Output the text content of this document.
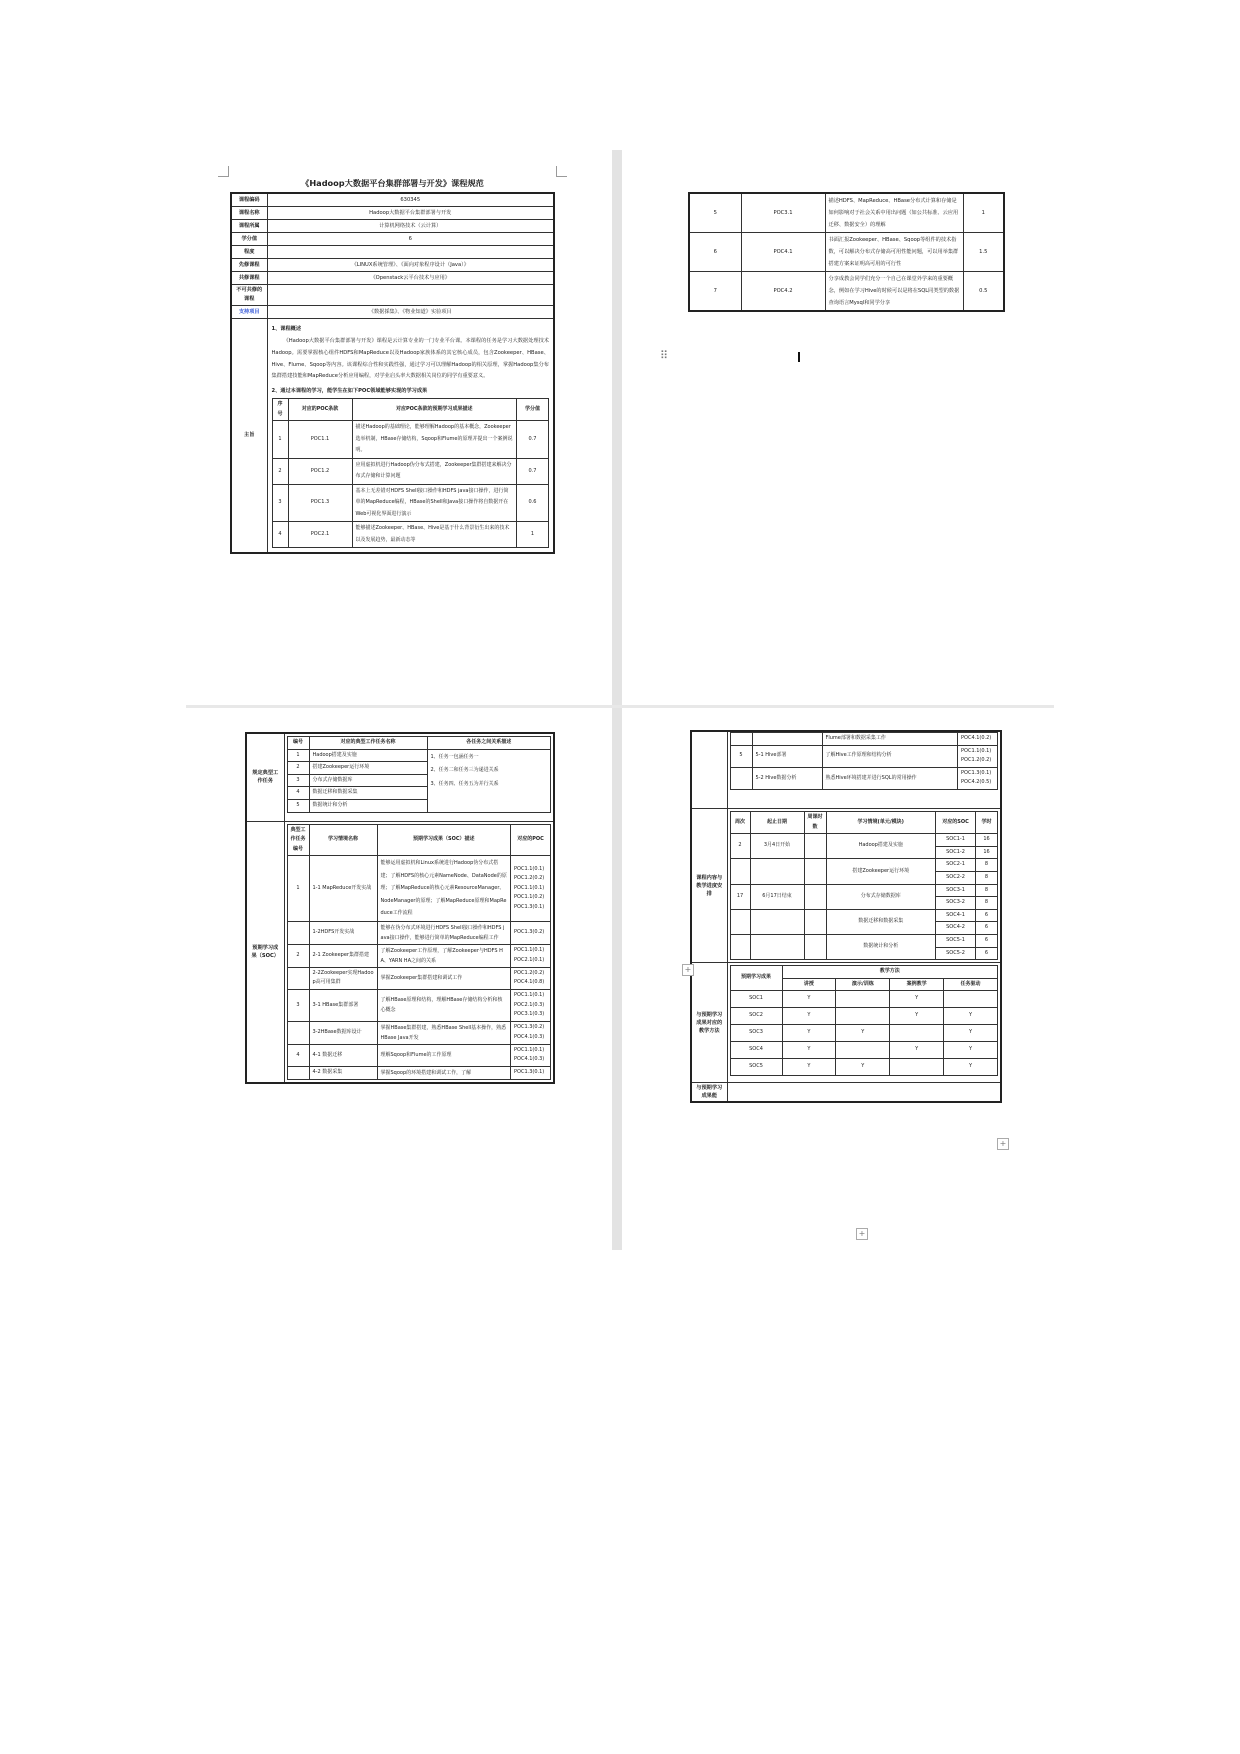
《Hadoop大数据平台集群部署与开发》课程规范
课程编码	630345
课程名称	Hadoop大数据平台集群部署与开发
课程所属	计算机网络技术（云计算）
学分值	6
程度	
先修课程	《LINUX系统管理》、《面向对象程序设计（Java）》
共修课程	《Openstack云平台技术与应用》
不可共修的课程	
支持项目	《数据採集》、《物业知道》实验项目
主旨	
1、课程概述

《Hadoop大数据平台集群部署与开发》课程是云计算专业的一门专业平台课。本课程的任务是学习大数据处理技术Hadoop。需要掌握核心组件HDFS和MapReduce以及Hadoop家族体系的其它核心成员，包含Zookeeper、HBase、Hive、Flume、Sqoop等内容。该课程综合性和实践性强，通过学习可以理解Hadoop的相关原理，掌握Hadoop集分布集群搭建技能和MapReduce分析应用编程，对学业启头率大数据相关岗位的同学有重要意义。

2、通过本课程的学习，能学生在如下POC领域能够实现的学习成果
序号	对应的POC条款	对应POC条款的预期学习成果描述	学分值
1	POC1.1	描述Hadoop的基础理论，能够理解Hadoop的基本概念，Zookeeper选举机制，HBase存储结构，Sqoop和Flume的原理并提出一个案例说明。	0.7
2	POC1.2	应用虚拟机进行Hadoop伪分布式搭建，Zookeeper集群搭建来解决分布式存储和计算问题	0.7
3	POC1.3	基本上无差错对HDFS Shell接口操作和HDFS java接口操作，进行简单的MapReduce编程，HBase的Shell和Java接口操作将自数据开在Web可视化界面进行演示	0.6
4	POC2.1	能够描述Zookeeper、HBase、Hive是基于什么背景衍生出来的技术以及发展趋势，最新动态等	1
5	POC3.1	描述HDFS、MapReduce、HBase分布式计算和存储是如何影响对于社会关系中用出问题（如公共标准、云应用迁移、数据安全）的理解	1
6	POC4.1	书面汇报Zookeeper、HBase、Sqoop等组件的技术指数，可以解决分布式存储高可用性能问题，可以用举集群搭建方案来证明高可用的可行性	1.5
7	POC4.2	分享成教会同学们充分一个自己在课堂外学来的重要概念，例如在学习Hive的时候可以是将在SQL同类型的数据查询语言Mysql和同学分享	0.5
⠿
规定典型工作任务	
编号	对应的典型工作任务名称	各任务之间关系描述
1	Hadoop搭建及实施	1、任务一包涵任务一
2、任务二和任务三为递进关系
3、任务四、任务五为并行关系

2	搭建Zookeeper运行环境
3	分布式存储数据库
4	数据迁移和数据采集
5	数据统计和分析

预期学习成果（SOC）	
典型工作任务编号	学习情境名称	预期学习成果（SOC）描述	对应的POC
1	1-1 MapReduce开发实战	能够运用虚拟机和Linux系统进行Hadoop伪分布式搭建；了解HDFS的核心元素NameNode、DataNode的原理；了解MapReduce的核心元素ResourceManager、NodeManager的原理；了解MapReduce原理和MapReduce工作流程	POC1.1(0.1) POC1.2(0.2) POC1.1(0.1) POC1.1(0.2) POC1.3(0.1)
	1-2HDFS开发实战	能够在伪分布式环境进行HDFS Shell接口操作和HDFS java接口操作，能够进行简单的MapReduce编程工作	POC1.3(0.2)
2	2-1 Zookeeper集群搭建	了解Zookeeper工作原理，了解Zookeeper与HDFS HA、YARN HA之间的关系	POC1.1(0.1) POC2.1(0.1)
	2-2Zookeeper实现Hadoop高可用集群	掌握Zookeeper集群搭建和调试工作	POC1.2(0.2) POC4.1(0.8)
3	3-1 HBase集群部署	了解HBase原理和结构，理解HBase存储结构分析和核心概念	POC1.1(0.1) POC2.1(0.3) POC3.1(0.3)
	3-2HBase数据库设计	掌握HBase集群搭建，熟悉HBase Shell基本操作，熟悉HBase Java开发	POC1.3(0.2) POC4.1(0.3)
4	4-1 数据迁移	理解Sqoop和Flume的工作原理	POC1.1(0.1) POC4.1(0.3)
	4-2 数据采集	掌握Sqoop的环境搭建和调试工作，了解	POC1.3(0.1)

		Flume部署和数据采集工作	POC4.1(0.2)
5	5-1 Hive部署	了解Hive工作原理和结构分析	POC1.1(0.1) POC1.2(0.2)
	5-2 Hive数据分析	熟悉Hive环境搭建并进行SQL的常用操作	POC1.3(0.1) POC4.2(0.5)

课程内容与教学进度安排	
周次	起止日期	周课时数	学习情境(单元/模块)	对应的SOC	学时
2	3月4日开始		Hadoop搭建及实施	SOC1-1	16
SOC1-2	16
			搭建Zookeeper运行环境	SOC2-1	8
SOC2-2	8
17	6月17日结束		分布式存储数据库	SOC3-1	8
SOC3-2	8
			数据迁移和数据采集	SOC4-1	6
SOC4-2	6
			数据统计和分析	SOC5-1	6
SOC5-2	6

与预期学习成果对应的教学方法	
预期学习成果	教学方法
讲授	演示/训练	案例教学	任务驱动
SOC1	Y		Y	
SOC2	Y		Y	Y
SOC3	Y	Y		Y
SOC4	Y		Y	Y
SOC5	Y	Y		Y

与预期学习成果能	
+
+
+
